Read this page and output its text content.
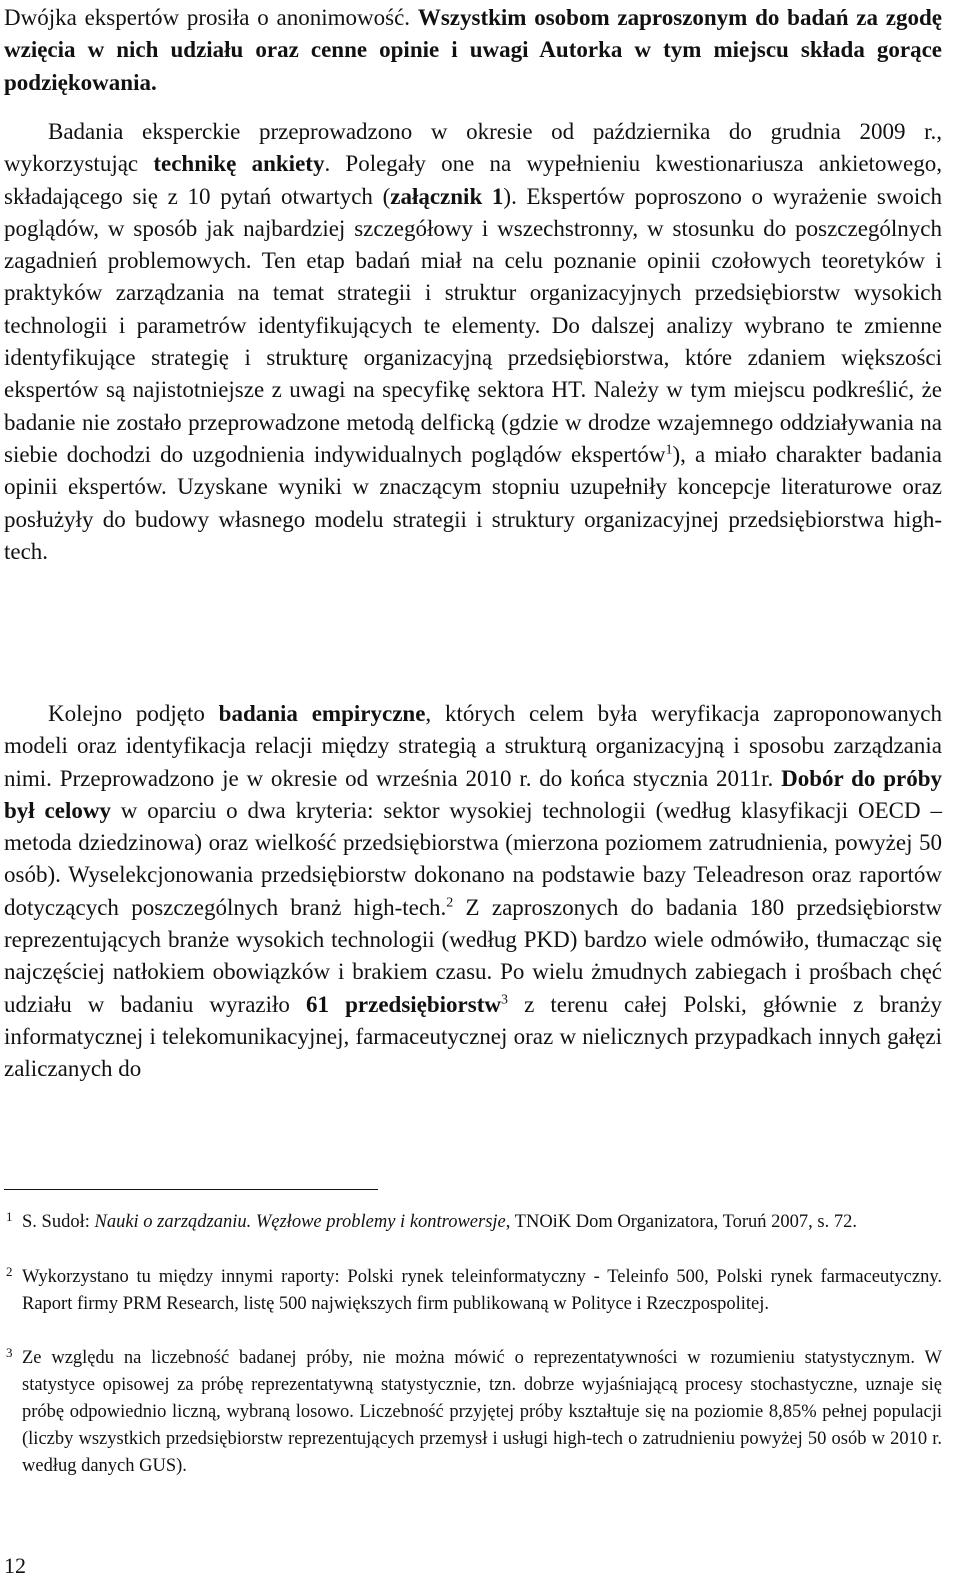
Dwójka ekspertów prosiła o anonimowość. Wszystkim osobom zaproszonym do badań za zgodę wzięcia w nich udziału oraz cenne opinie i uwagi Autorka w tym miejscu składa gorące podziękowania.

Badania eksperckie przeprowadzono w okresie od października do grudnia 2009 r., wykorzystując technikę ankiety. Polegały one na wypełnieniu kwestionariusza ankietowego, składającego się z 10 pytań otwartych (załącznik 1). Ekspertów poproszono o wyrażenie swoich poglądów, w sposób jak najbardziej szczegółowy i wszechstronny, w stosunku do poszczególnych zagadnień problemowych. Ten etap badań miał na celu poznanie opinii czołowych teoretyków i praktyków zarządzania na temat strategii i struktur organizacyjnych przedsiębiorstw wysokich technologii i parametrów identyfikujących te elementy. Do dalszej analizy wybrano te zmienne identyfikujące strategię i strukturę organizacyjną przedsiębiorstwa, które zdaniem większości ekspertów są najistotniejsze z uwagi na specyfikę sektora HT. Należy w tym miejscu podkreślić, że badanie nie zostało przeprowadzone metodą delficką (gdzie w drodze wzajemnego oddziaływania na siebie dochodzi do uzgodnienia indywidualnych poglądów ekspertów$^1$), a miało charakter badania opinii ekspertów. Uzyskane wyniki w znaczącym stopniu uzupełniły koncepcje literaturowe oraz posłużyły do budowy własnego modelu strategii i struktury organizacyjnej przedsiębiorstwa high-tech.

Kolejno podjęto badania empiryczne, których celem była weryfikacja zaproponowanych modeli oraz identyfikacja relacji między strategią a strukturą organizacyjną i sposobu zarządzania nimi. Przeprowadzono je w okresie od września 2010 r. do końca stycznia 2011r. Dobór do próby był celowy w oparciu o dwa kryteria: sektor wysokiej technologii (według klasyfikacji OECD – metoda dziedzinowa) oraz wielkość przedsiębiorstwa (mierzona poziomem zatrudnienia, powyżej 50 osób). Wyselekcjonowania przedsiębiorstw dokonano na podstawie bazy Teleadreson oraz raportów dotyczących poszczególnych branż high-tech.$^2$ Z zaproszonych do badania 180 przedsiębiorstw reprezentujących branże wysokich technologii (według PKD) bardzo wiele odmówiło, tłumacząc się najczęściej natłokiem obowiązków i brakiem czasu. Po wielu żmudnych zabiegach i prośbach chęć udziału w badaniu wyraziło 61 przedsiębiorstw$^3$ z terenu całej Polski, głównie z branży informatycznej i telekomunikacyjnej, farmaceutycznej oraz w nielicznych przypadkach innych gałęzi zaliczanych do

1 S. Sudoł: Nauki o zarządzaniu. Węzłowe problemy i kontrowersje, TNOiK Dom Organizatora, Toruń 2007, s. 72.
2 Wykorzystano tu między innymi raporty: Polski rynek teleinformatyczny - Teleinfo 500, Polski rynek farmaceutyczny. Raport firmy PRM Research, listę 500 największych firm publikowaną w Polityce i Rzeczpospolitej.
3 Ze względu na liczebność badanej próby, nie można mówić o reprezentatywności w rozumieniu statystycznym. W statystyce opisowej za próbę reprezentatywną statystycznie, tzn. dobrze wyjaśniającą procesy stochastyczne, uznaje się próbę odpowiednio liczną, wybraną losowo. Liczebność przyjętej próby kształtuje się na poziomie 8,85% pełnej populacji (liczby wszystkich przedsiębiorstw reprezentujących przemysł i usługi high-tech o zatrudnieniu powyżej 50 osób w 2010 r. według danych GUS).
12
